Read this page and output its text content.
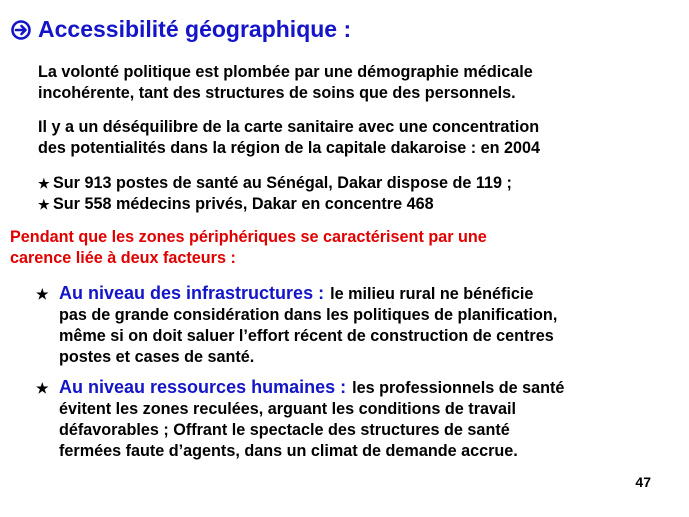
Accessibilité géographique :
La volonté politique est plombée par une démographie médicale
incohérente, tant des structures de soins que des personnels.
Il y a un déséquilibre de la carte sanitaire avec une concentration
des potentialités dans la région de la capitale dakaroise : en 2004
★ Sur 913 postes de santé au Sénégal, Dakar dispose de 119 ;
★ Sur 558 médecins privés, Dakar en concentre 468
Pendant que les zones périphériques se caractérisent par une
carence liée à deux facteurs :
★ Au niveau des infrastructures : le milieu rural ne bénéficie
pas de grande considération dans les politiques de planification,
même si on doit saluer l’effort récent de construction de centres
postes et cases de santé.
★ Au niveau ressources humaines : les professionnels de santé
évitent les zones reculées, arguant les conditions de travail
défavorables ; Offrant le spectacle des structures de santé
fermées faute d’agents, dans un climat de demande accrue.
47
